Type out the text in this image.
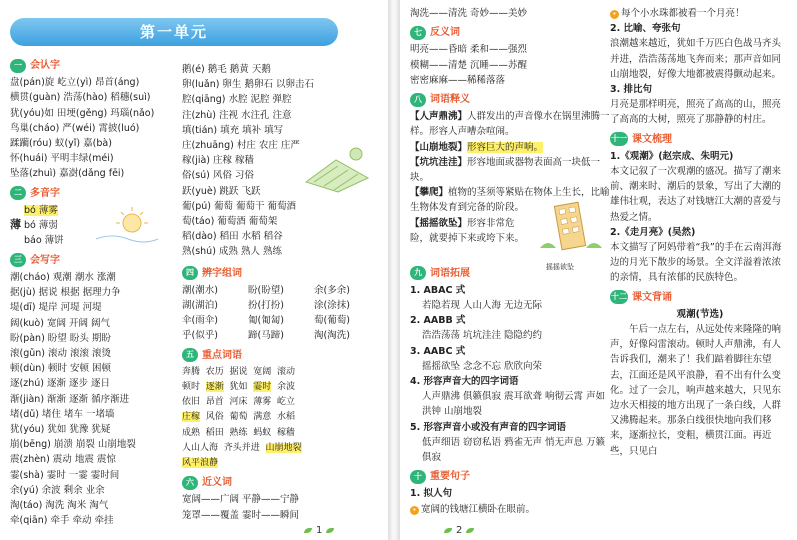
第一单元
一 会认字
盘(pán)旋 屹立(yì) 昂首(áng)
横贯(guàn) 浩荡(hào) 稻穗(suì)
犹(yóu)如 田埂(gěng) 玛瑙(nǎo)
鸟巢(cháo) 严(wéi) 霄披(luó)
蹂躏(róu) 蚁(yǐ) 嘉(bà)
怀(huái) 平明丰绿(méi)
坠落(zhuì) 嘉澍(dǎng fēi)
二 多音字
薄
bó 薄雾
bó 薄弱
báo 薄饼
三 会写字
潮(cháo) 观潮 潮水 涨潮
据(jù) 据说 根据 据理力争
堤(dī) 堤岸 河堤 河堤
阔(kuò) 宽阔 开阔 阔气
盼(pàn) 盼望 盼头 期盼
滚(gǔn) 滚动 滚滚 滚烫
顿(dùn) 顿时 安顿 困顿
逐(zhú) 逐渐 逐步 逐日
渐(jiàn) 渐渐 逐渐 循序渐进
堵(dǔ) 堵住 堵车 一堵墙
犹(yóu) 犹如 犹豫 犹疑
崩(bēng) 崩溃 崩裂 山崩地裂
震(zhèn) 震动 地震 震惊
霎(shà) 霎时 一霎 霎时间
余(yú) 余波 剩余 业余
淘(táo) 淘洗 淘米 淘气
牵(qiān) 牵手 牵动 牵挂
鹅(é) 鹅毛 鹅黄 天鹅
卵(luǎn) 卵生 鹅卵石 以卵击石
腔(qiāng) 水腔 泥腔 弹腔
注(zhù) 注视 水注孔 注意
填(tián) 填充 填补 填写
庄(zhuāng) 村庄 农庄 庄严
稼(jià) 庄稼 稼穑
俗(sú) 风俗 习俗
跃(yuè) 跳跃 飞跃
葡(pú) 葡萄 葡萄干 葡萄酒
萄(táo) 葡萄酒 葡萄架
稻(dào) 稻田 水稻 稻谷
熟(shú) 成熟 熟人 熟练
四 辨字组词
潮(潮水)	盼(盼望)	余(多余)
湖(湖泊)	扮(打扮)	涂(涂抹)
伞(雨伞)	匍(匍匐)	萄(葡萄)
乎(似乎)	蹄(马蹄)	淘(淘洗)
五 重点词语
奔腾 农历 据说 宽阔 滚动
顿时 逐渐 犹如 霎时 余波
依旧 昂首 河床 薄雾 屹立
庄稼 风俗 葡萄 满意 水稻
成熟 稻田 熟练 蚂蚁 稼穑
人山人海 齐头并进 山崩地裂
风平浪静
六 近义词
宽阔——广阔 平静——宁静
笼罩——覆盖 霎时——瞬间
1
淘洗——清洗 奇妙——美妙
七 反义词
明亮——昏暗 柔和——强烈
模糊——清楚 沉睡——苏醒
密密麻麻——稀稀落落
八 词语释义
【人声鼎沸】人群发出的声音像水在锅里沸腾一样。形容人声嘈杂喧闹。
【山崩地裂】形容巨大的声响。
【坑坑洼洼】形容地面或器物表面高一块低一块。
【攀爬】植物的茎须等紧贴在物体上生长，比喻生物体发育到完备的阶段。
【摇摇欲坠】形容非常危险，就要掉下来或垮下来。
摇摇欲坠
九 词语拓展
1. ABAC 式
若隐若现 人山人海 无边无际
2. AABB 式
浩浩荡荡 坑坑洼洼 隐隐约约
3. AABC 式
摇摇欲坠 念念不忘 欣欣向荣
4. 形容声音大的四字词语
人声鼎沸 俱籁俱寂 震耳欲聋 响彻云霄 声如洪钟 山崩地裂
5. 形容声音小或没有声音的四字词语
低声细语 窃窃私语 鸦雀无声 悄无声息 万籁俱寂
十 重要句子
1. 拟人句
• 宽阔的钱塘江横卧在眼前。
• 每个小水珠都被看一个月亮！
2. 比喻、夸张句
浪潮越来越近，犹如千万匹白色战马齐头并进，浩浩荡荡地飞奔而来；那声音如同山崩地裂，好像大地都被震得颤动起来。
3. 排比句
月亮是那样明亮，照亮了高高的山，照亮了高高的大树，照亮了那静静的村庄。
十一 课文梳理
1.《观潮》(赵宗成、朱明元)
本文记叙了一次观潮的盛况。描写了潮来前、潮来时、潮后的景象，写出了大潮的雄伟壮观，表达了对钱塘江大潮的喜爱与热爱之情。
2.《走月亮》(吴然)
本文描写了阿妈带着“我”的手在云南洱海边的月光下散步的场景。全文洋溢着浓浓的亲情，具有浓郁的民族特色。
十二 课文背诵
观潮(节选)
午后一点左右，从远处传来隆隆的响声，好像闷雷滚动。顿时人声鼎沸，有人告诉我们，潮来了！我们踮着脚往东望去，江面还是风平浪静，看不出有什么变化。过了一会儿，响声越来越大，只见东边水天相接的地方出现了一条白线，人群又沸腾起来。那条白线很快地向我们移来，逐渐拉长，变粗，横贯江面。再近些，只见白
2
